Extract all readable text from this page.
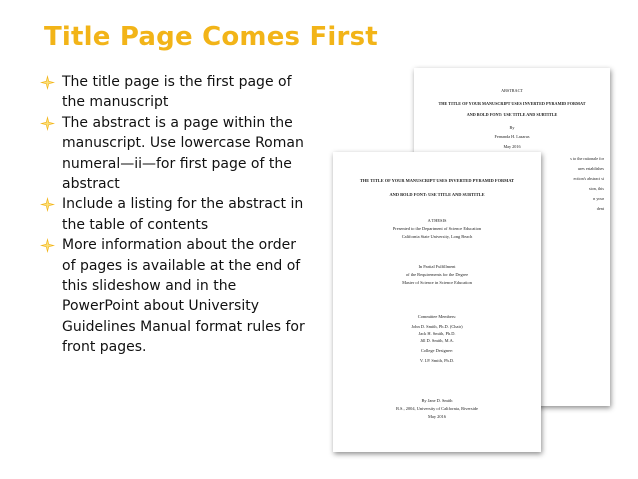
Title Page Comes First
The title page is the first page of the manuscript
The abstract is a page within the manuscript. Use lowercase Roman numeral—ii—for first page of the abstract
Include a listing for the abstract in the table of contents
More information about the order of pages is available at the end of this slideshow and in the PowerPoint about University Guidelines Manual format rules for front pages.
ABSTRACT
THE TITLE OF YOUR MANUSCRIPT USES INVERTED PYRAMID FORMAT
AND BOLD FONT: USE TITLE AND SUBTITLE
By
Fernanda H. Lazarus
May 2016
s to the rationale for
ures establishes
ection's abstract si
sion, this
n your
dent
THE TITLE OF YOUR MANUSCRIPT USES INVERTED PYRAMID FORMAT
AND BOLD FONT: USE TITLE AND SUBTITLE
A THESIS
Presented to the Department of Science Education
California State University, Long Beach
In Partial Fulfillment
of the Requirements for the Degree
Master of Science in Science Education
Committee Members:
John D. Smith, Ph.D. (Chair)
Jack H. Smith, Ph.D.
Jill D. Smith, M.A.
College Designee:
V. I.P. Smith, Ph.D.
By Jane D. Smith
B.S., 2004, University of California, Riverside
May 2016
